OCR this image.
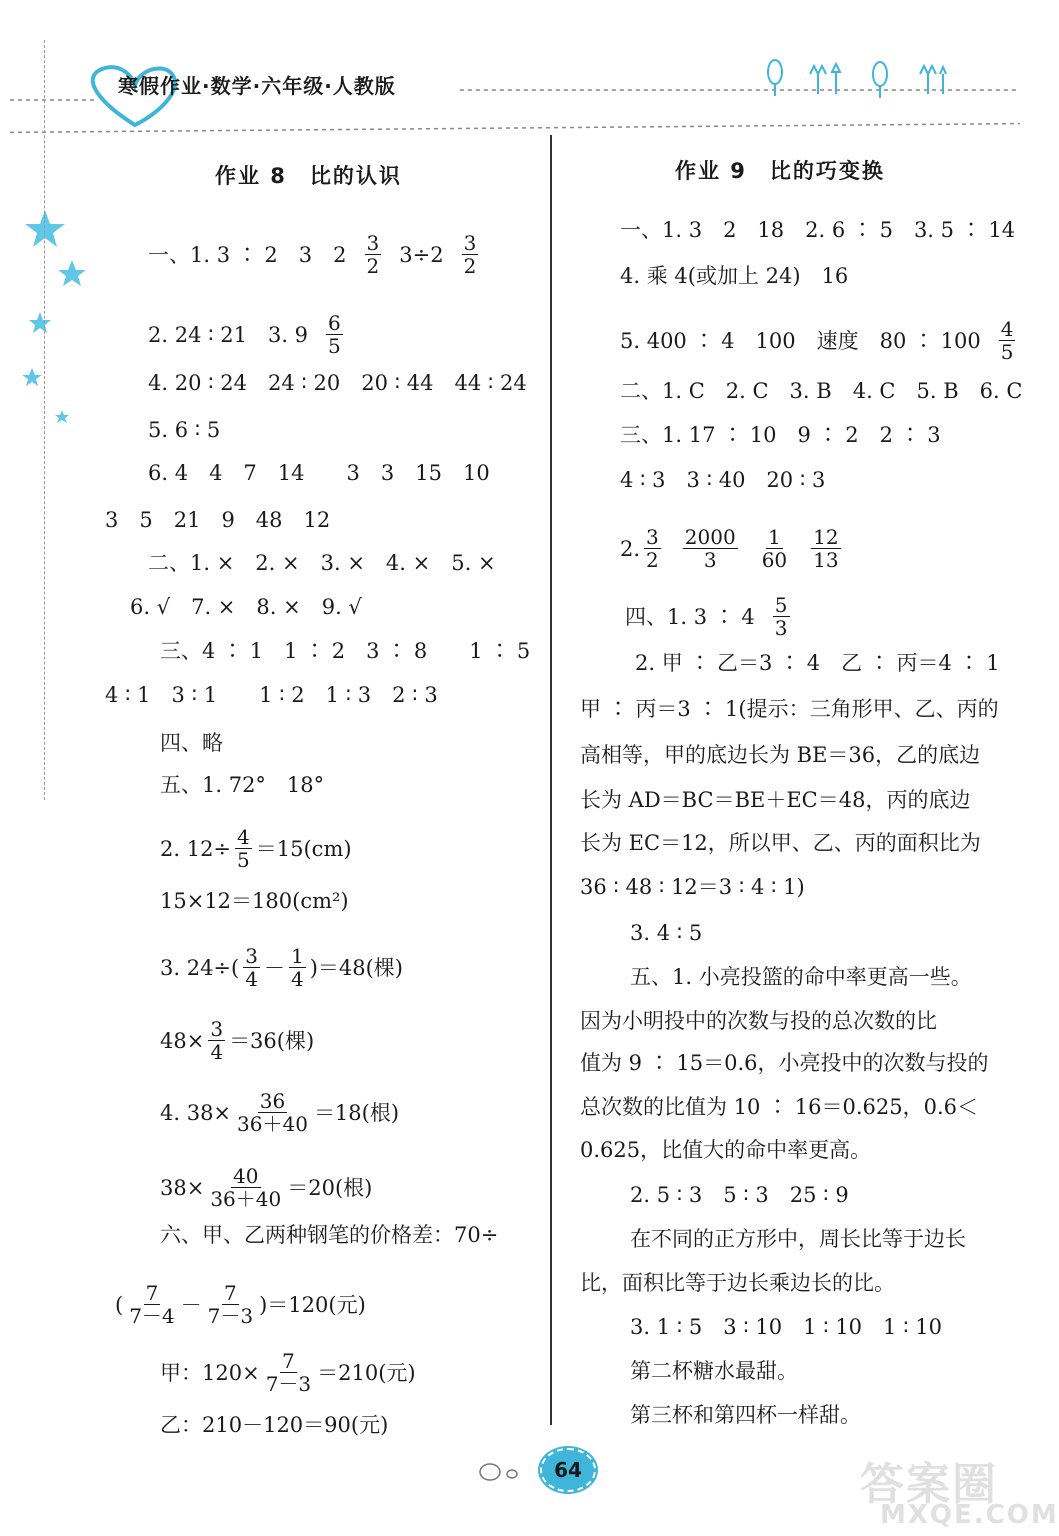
寒假作业·数学·六年级·人教版
作业 8　比的认识
一、1. 3 ∶ 2　3　$2 \frac{3}{2} 3\div 2 \frac{3}{2}$
2. 24 ∶ 21　3. $9 \frac{6}{5}$
4. 20 ∶ 24　24 ∶ 20　20 ∶ 44　44 ∶ 24
5. 6 ∶ 5
6. 4　4　7　14　　3　3　15　10
3　5　21　9　48　12
二、1. ×　2. ×　3. ×　4. ×　5. ×
6. √　7. ×　8. ×　9. √
三、4 ∶ 1　1 ∶ 2　3 ∶ 8　　1 ∶ 5
4 ∶ 1　3 ∶ 1　　1 ∶ 2　1 ∶ 3　2 ∶ 3
四、略
五、1. 72°　18°
2. $12\div \frac{4}{5} =15(cm)$
15×12＝180(cm²)
3. $24\div( \frac{3}{4} - \frac{1}{4} )=48$(棵)
$48\times \frac{3}{4} =36$(棵)
4. $38\times \frac{36}{36+40} =18$(根)
$38\times \frac{40}{36+40} =20$(根)
六、甲、乙两种钢笔的价格差：70÷
( $\frac{7}{7-4} - \frac{7}{7-3} )=120$(元)
甲：$120\times \frac{7}{7-3} =210$(元)
乙：210－120＝90(元)
作业 9　比的巧变换
一、1. 3　2　18　2. 6 ∶ 5　3. 5 ∶ 14
4. 乘 4(或加上 24)　16
5. 400 ∶ 4　100　速度　80 ∶ $100 \frac{4}{5}$
二、1. C　2. C　3. B　4. C　5. B　6. C
三、1. 17 ∶ 10　9 ∶ 2　2 ∶ 3
4 ∶ 3　3 ∶ 40　20 ∶ 3
2. $\frac{3}{2} \frac{2000}{3} \frac{1}{60} \frac{12}{13}$
四、1. 3 ∶ $4 \frac{5}{3}$
2. 甲 ∶ 乙＝3 ∶ 4　乙 ∶ 丙＝4 ∶ 1
甲 ∶ 丙＝3 ∶ 1(提示：三角形甲、乙、丙的
高相等，甲的底边长为 BE＝36，乙的底边
长为 AD＝BC＝BE＋EC＝48，丙的底边
长为 EC＝12，所以甲、乙、丙的面积比为
36 ∶ 48 ∶ 12＝3 ∶ 4 ∶ 1)
3. 4 ∶ 5
五、1. 小亮投篮的命中率更高一些。
因为小明投中的次数与投的总次数的比
值为 9 ∶ 15＝0.6，小亮投中的次数与投的
总次数的比值为 10 ∶ 16＝0.625，0.6＜
0.625，比值大的命中率更高。
2. 5 ∶ 3　5 ∶ 3　25 ∶ 9
在不同的正方形中，周长比等于边长
比，面积比等于边长乘边长的比。
3. 1 ∶ 5　3 ∶ 10　1 ∶ 10　1 ∶ 10
第二杯糖水最甜。
第三杯和第四杯一样甜。
64	答案圈
MXQE.COM
